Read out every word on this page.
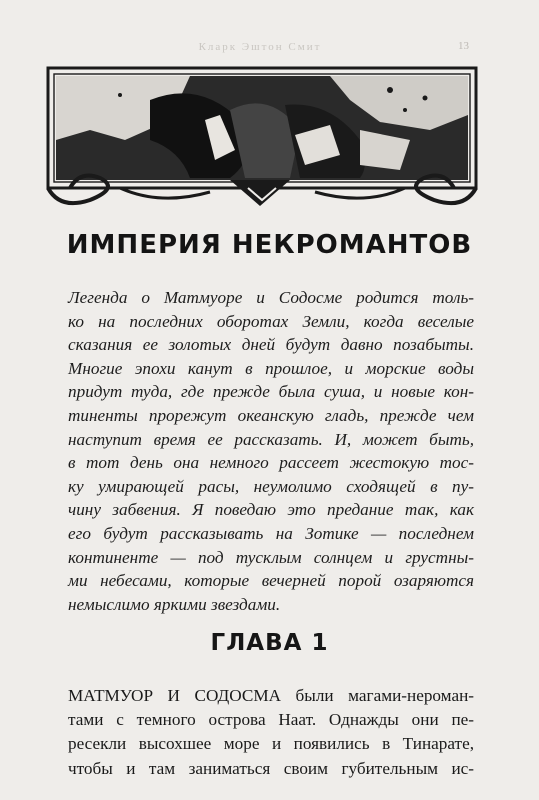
Кларк Эштон Смит	13
ИМПЕРИЯ НЕКРОМАНТОВ
Легенда о Матмуоре и Содосме родится толь-
ко на последних оборотах Земли, когда веселые
сказания ее золотых дней будут давно позабыты.
Многие эпохи канут в прошлое, и морские воды
придут туда, где прежде была суша, и новые кон-
тиненты прорежут океанскую гладь, прежде чем
наступит время ее рассказать. И, может быть,
в тот день она немного рассеет жестокую тос-
ку умирающей расы, неумолимо сходящей в пу-
чину забвения. Я поведаю это предание так, как
его будут рассказывать на Зотике — последнем
континенте — под тусклым солнцем и грустны-
ми небесами, которые вечерней порой озаряются
немыслимо яркими звездами.
ГЛАВА 1
МАТМУОР И СОДОСМА были магами-нероман-
тами с темного острова Наат. Однажды они пе-
ресекли высохшее море и появились в Тинарате,
чтобы и там заниматься своим губительным ис-
